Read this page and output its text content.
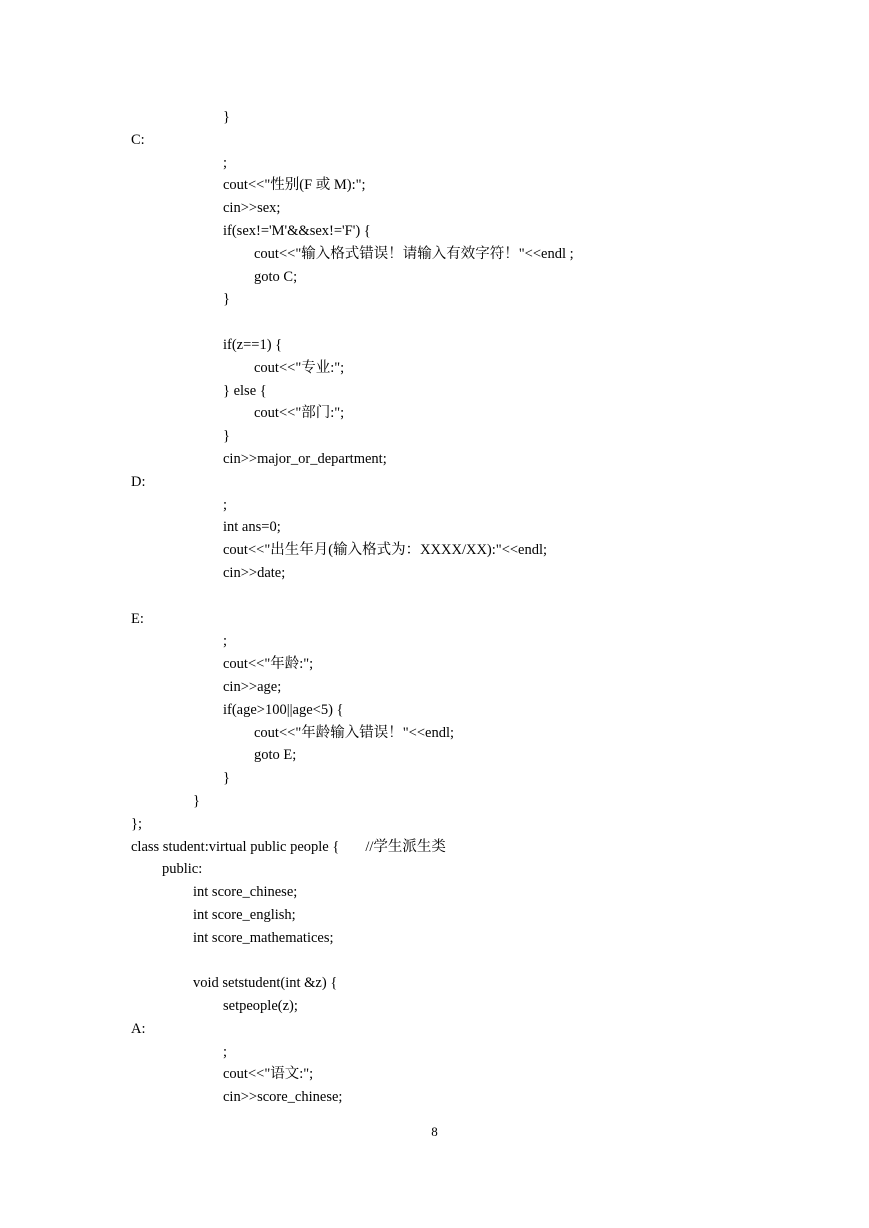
}
C:
;
cout<<"性别(F 或 M):";
cin>>sex;
if(sex!='M'&&sex!='F') {
cout<<"输入格式错误！请输入有效字符！"<<endl ;
goto C;
}
if(z==1) {
cout<<"专业:";
} else {
cout<<"部门:";
}
cin>>major_or_department;
D:
;
int ans=0;
cout<<"出生年月(输入格式为：XXXX/XX):"<<endl;
cin>>date;
E:
;
cout<<"年龄:";
cin>>age;
if(age>100||age<5) {
cout<<"年龄输入错误！"<<endl;
goto E;
}
}
};
class student:virtual public people { //学生派生类
public:
int score_chinese;
int score_english;
int score_mathematices;
void setstudent(int &z) {
setpeople(z);
A:
;
cout<<"语文:";
cin>>score_chinese;
8
